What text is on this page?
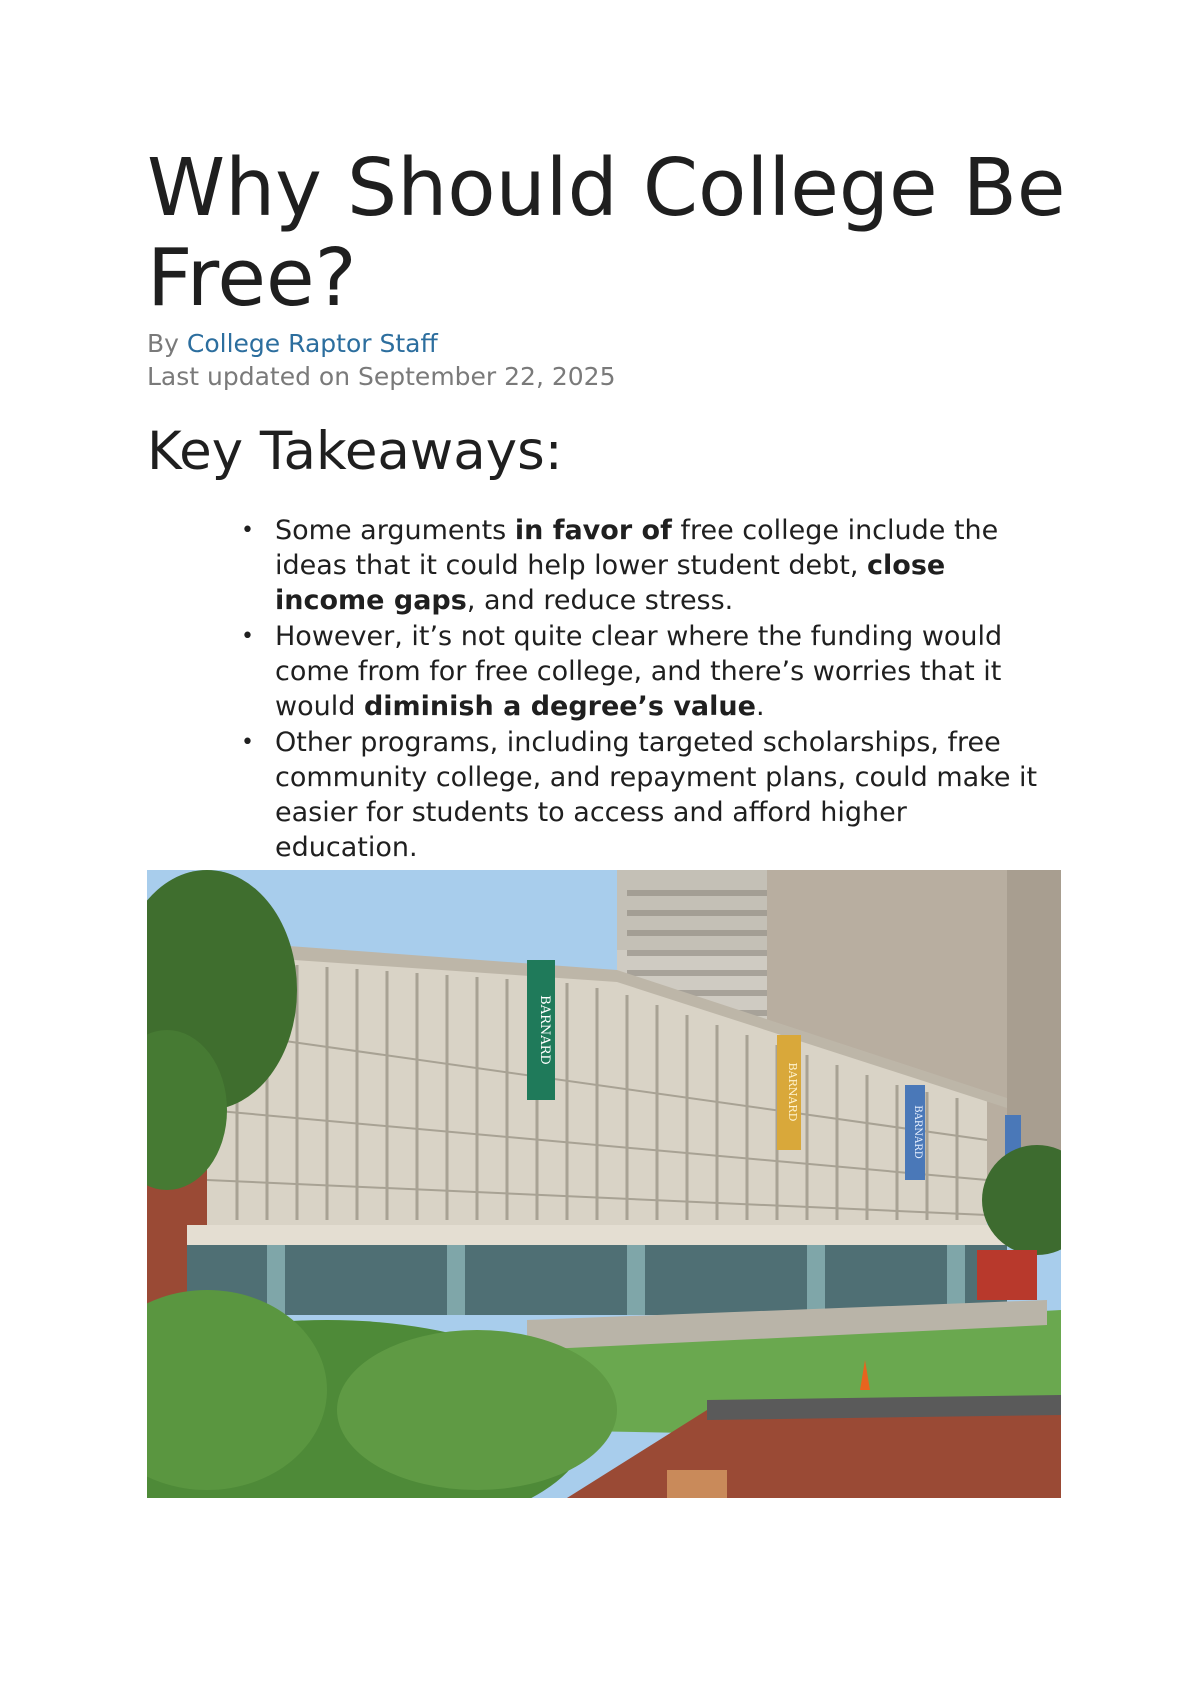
Why Should College Be Free?
By College Raptor Staff
Last updated on September 22, 2025
Key Takeaways:
• Some arguments in favor of free college include the ideas that it could help lower student debt, close income gaps, and reduce stress.
• However, it’s not quite clear where the funding would come from for free college, and there’s worries that it would diminish a degree’s value.
• Other programs, including targeted scholarships, free community college, and repayment plans, could make it easier for students to access and afford higher education.
BARNARD
BARNARD
BARNARD
